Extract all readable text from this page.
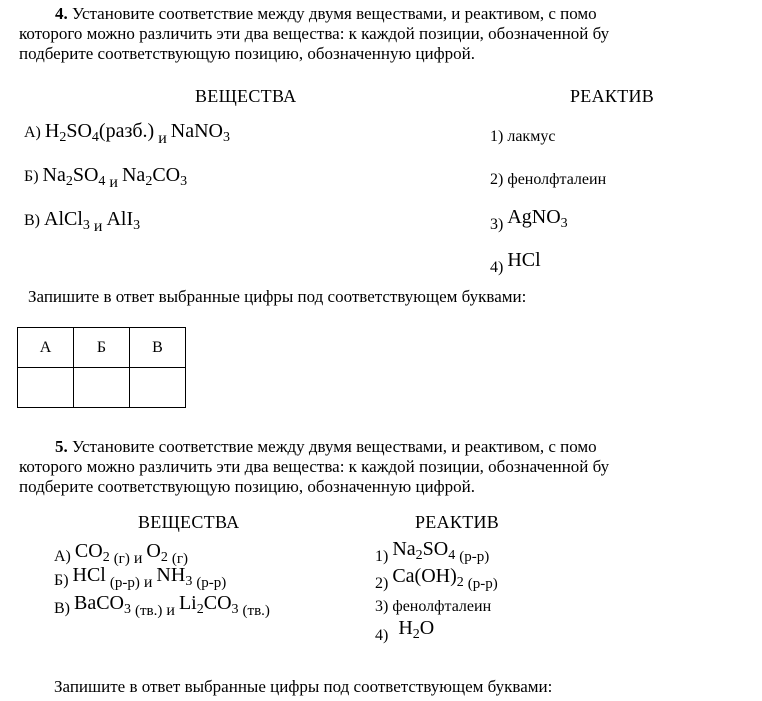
4. Установите соответствие между двумя веществами, и реактивом, с помо
которого можно различить эти два вещества: к каждой позиции, обозначенной бу
подберите соответствующую позицию, обозначенную цифрой.
ВЕЩЕСТВА	РЕАКТИВ
А) $H_2SO_4(разб.)$ и NaNO$_3$
Б) $Na_2SO_4$ и $Na_2CO_3$
В) AlCl$_3$ и AlI$_3$
1) лакмус
2) фенолфталеин
3) AgNO$_3$
4) HCl
Запишите в ответ выбранные цифры под соответствующем буквами:
А	Б	В

5. Установите соответствие между двумя веществами, и реактивом, с помо
которого можно различить эти два вещества: к каждой позиции, обозначенной бу
подберите соответствующую позицию, обозначенную цифрой.
ВЕЩЕСТВА	РЕАКТИВ
А) $CO_2$ (г) и $O_2$ (г)
Б) HCl (р-р) и $NH_3$ (р-р)
В) BaCO$_3$ (тв.) и $Li_2CO_3$ (тв.)
1) $Na_2SO_4$ (р-р)
2) $Ca(OH)_2$ (р-р)
3) фенолфталеин
4) $H_2O$
Запишите в ответ выбранные цифры под соответствующем буквами:
